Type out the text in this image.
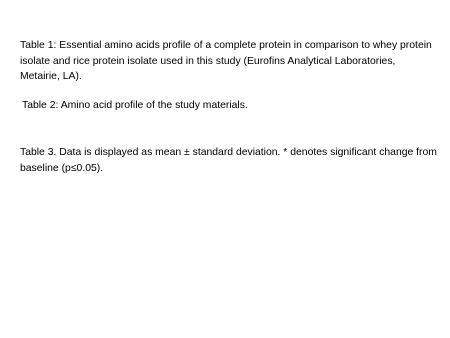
Table 1: Essential amino acids profile of a complete protein in comparison to whey protein isolate and rice protein isolate used in this study (Eurofins Analytical Laboratories, Metairie, LA).

Table 2: Amino acid profile of the study materials.

Table 3. Data is displayed as mean ± standard deviation. * denotes significant change from baseline (p≤0.05).
